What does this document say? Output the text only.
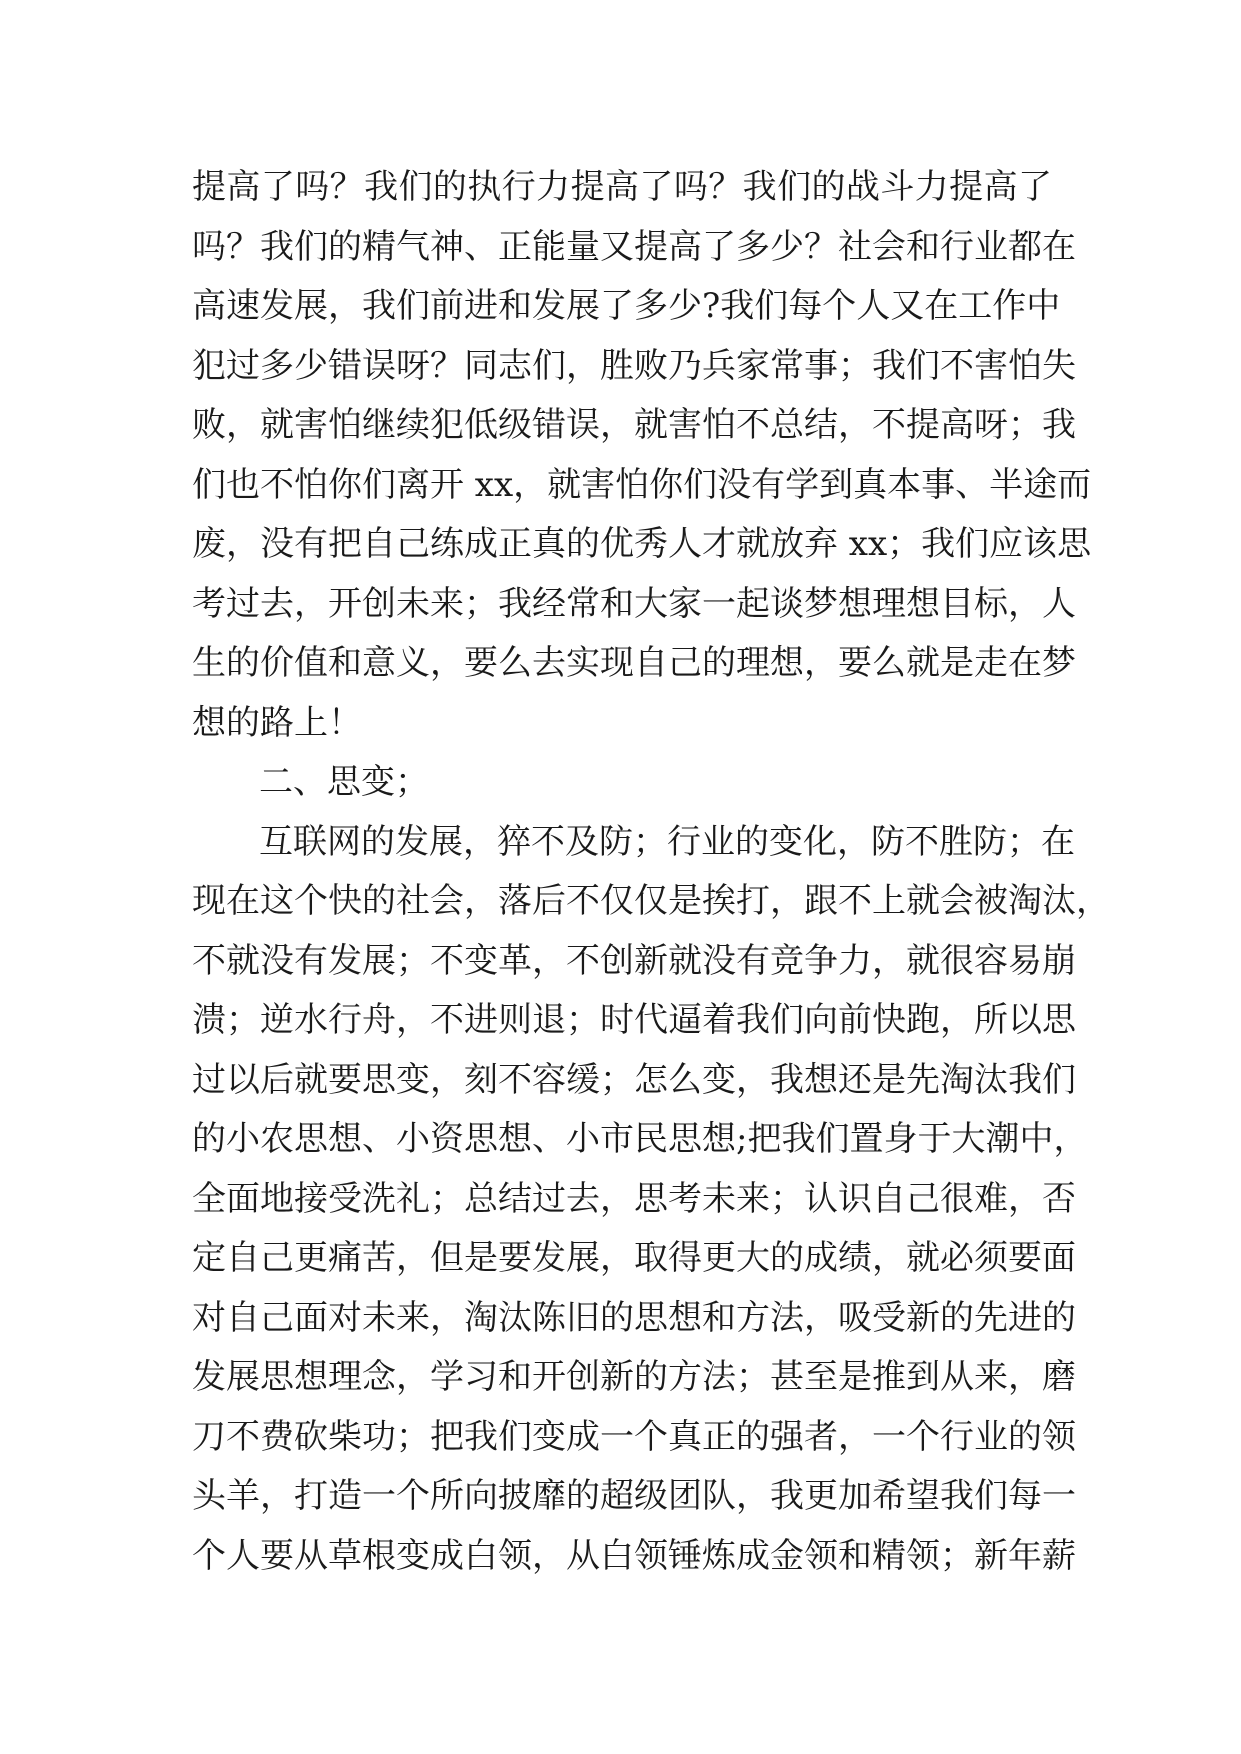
提高了吗？我们的执行力提高了吗？我们的战斗力提高了
吗？我们的精气神、正能量又提高了多少？社会和行业都在
高速发展，我们前进和发展了多少?我们每个人又在工作中
犯过多少错误呀？同志们，胜败乃兵家常事；我们不害怕失
败，就害怕继续犯低级错误，就害怕不总结，不提高呀；我
们也不怕你们离开 xx，就害怕你们没有学到真本事、半途而
废，没有把自己练成正真的优秀人才就放弃 xx；我们应该思
考过去，开创未来；我经常和大家一起谈梦想理想目标，人
生的价值和意义，要么去实现自己的理想，要么就是走在梦
想的路上！
二、思变；
互联网的发展，猝不及防；行业的变化，防不胜防；在
现在这个快的社会，落后不仅仅是挨打，跟不上就会被淘汰，
不就没有发展；不变革，不创新就没有竞争力，就很容易崩
溃；逆水行舟，不进则退；时代逼着我们向前快跑，所以思
过以后就要思变，刻不容缓；怎么变，我想还是先淘汰我们
的小农思想、小资思想、小市民思想;把我们置身于大潮中，
全面地接受洗礼；总结过去，思考未来；认识自己很难，否
定自己更痛苦，但是要发展，取得更大的成绩，就必须要面
对自己面对未来，淘汰陈旧的思想和方法，吸受新的先进的
发展思想理念，学习和开创新的方法；甚至是推到从来，磨
刀不费砍柴功；把我们变成一个真正的强者，一个行业的领
头羊，打造一个所向披靡的超级团队，我更加希望我们每一
个人要从草根变成白领，从白领锤炼成金领和精领；新年薪
